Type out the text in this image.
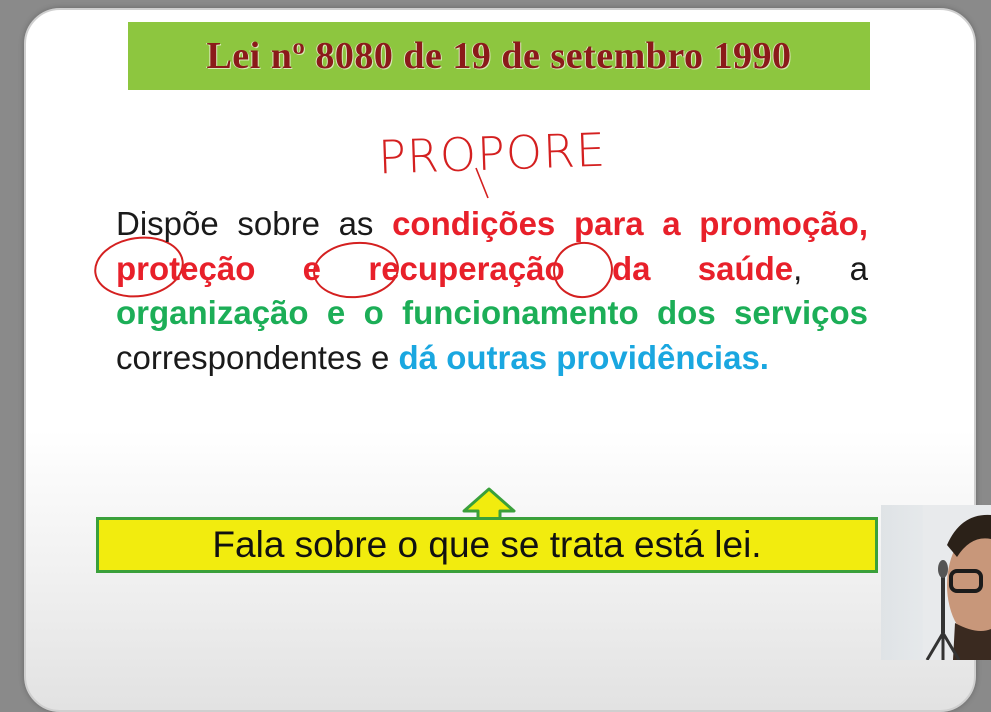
Lei nº 8080 de 19 de setembro 1990
PROPORE
Dispõe sobre as condições para a promoção, proteção e recuperação da saúde, a organização e o funcionamento dos serviços correspondentes e dá outras providências.
Fala sobre o que se trata está lei.
